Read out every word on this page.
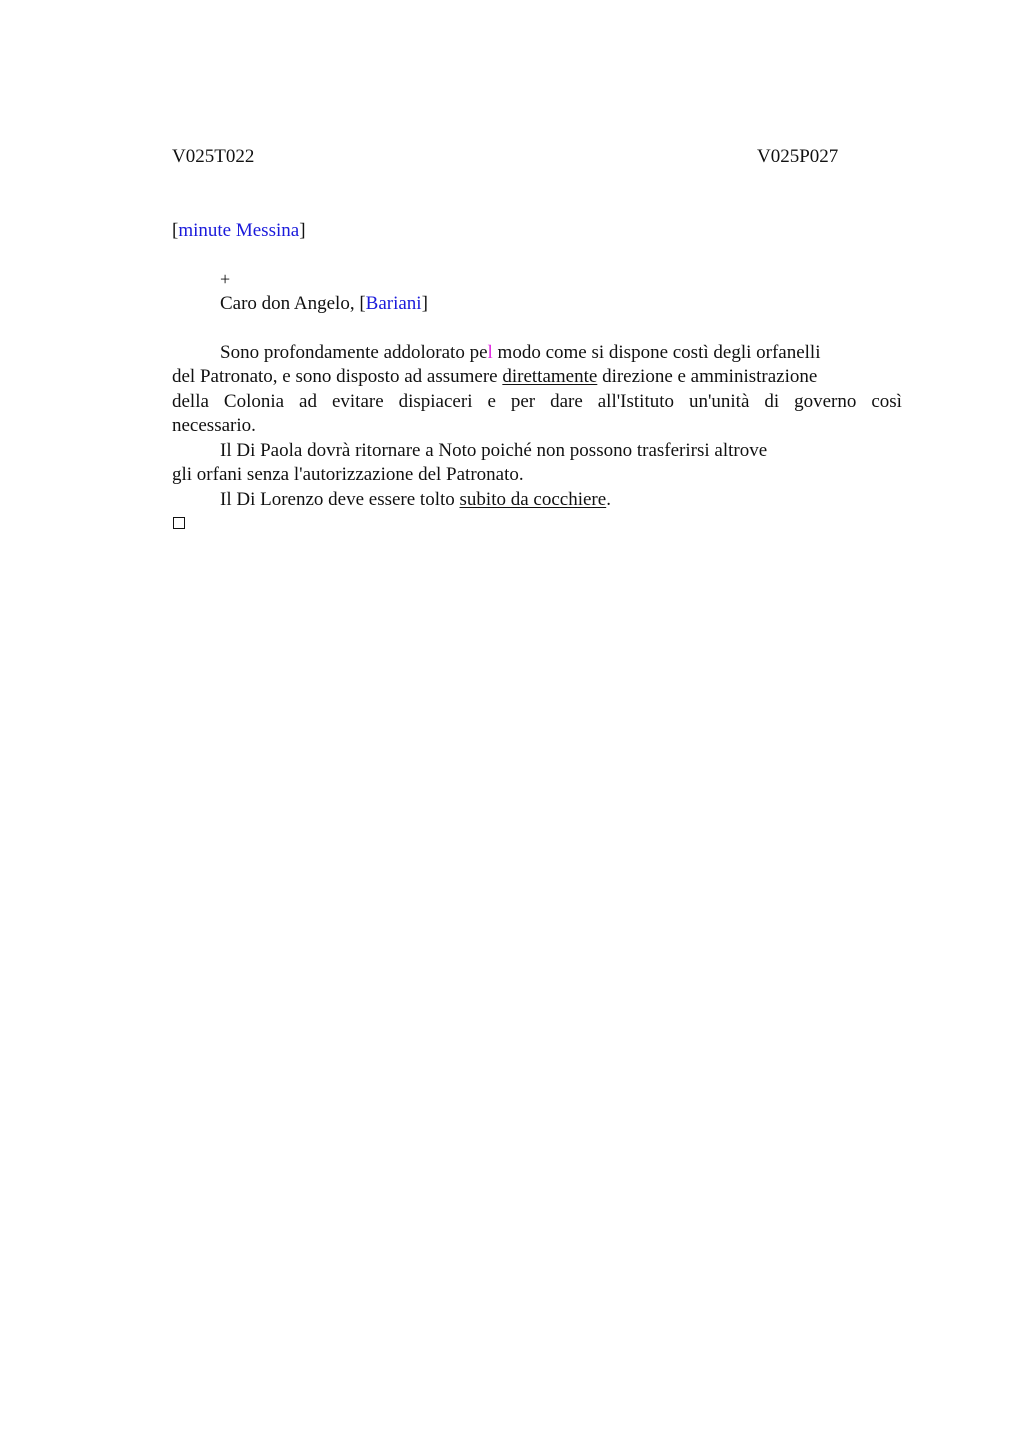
V025T022	V025P027
[minute Messina]
+
Caro don Angelo, [Bariani]
Sono profondamente addolorato pel modo come si dispone costì degli orfanelli
del Patronato, e sono disposto ad assumere direttamente direzione e amministrazione
della Colonia ad evitare dispiaceri e per dare all'Istituto un'unità di governo così
necessario.
Il Di Paola dovrà ritornare a Noto poiché non possono trasferirsi altrove
gli orfani senza l'autorizzazione del Patronato.
Il Di Lorenzo deve essere tolto subito da cocchiere.
